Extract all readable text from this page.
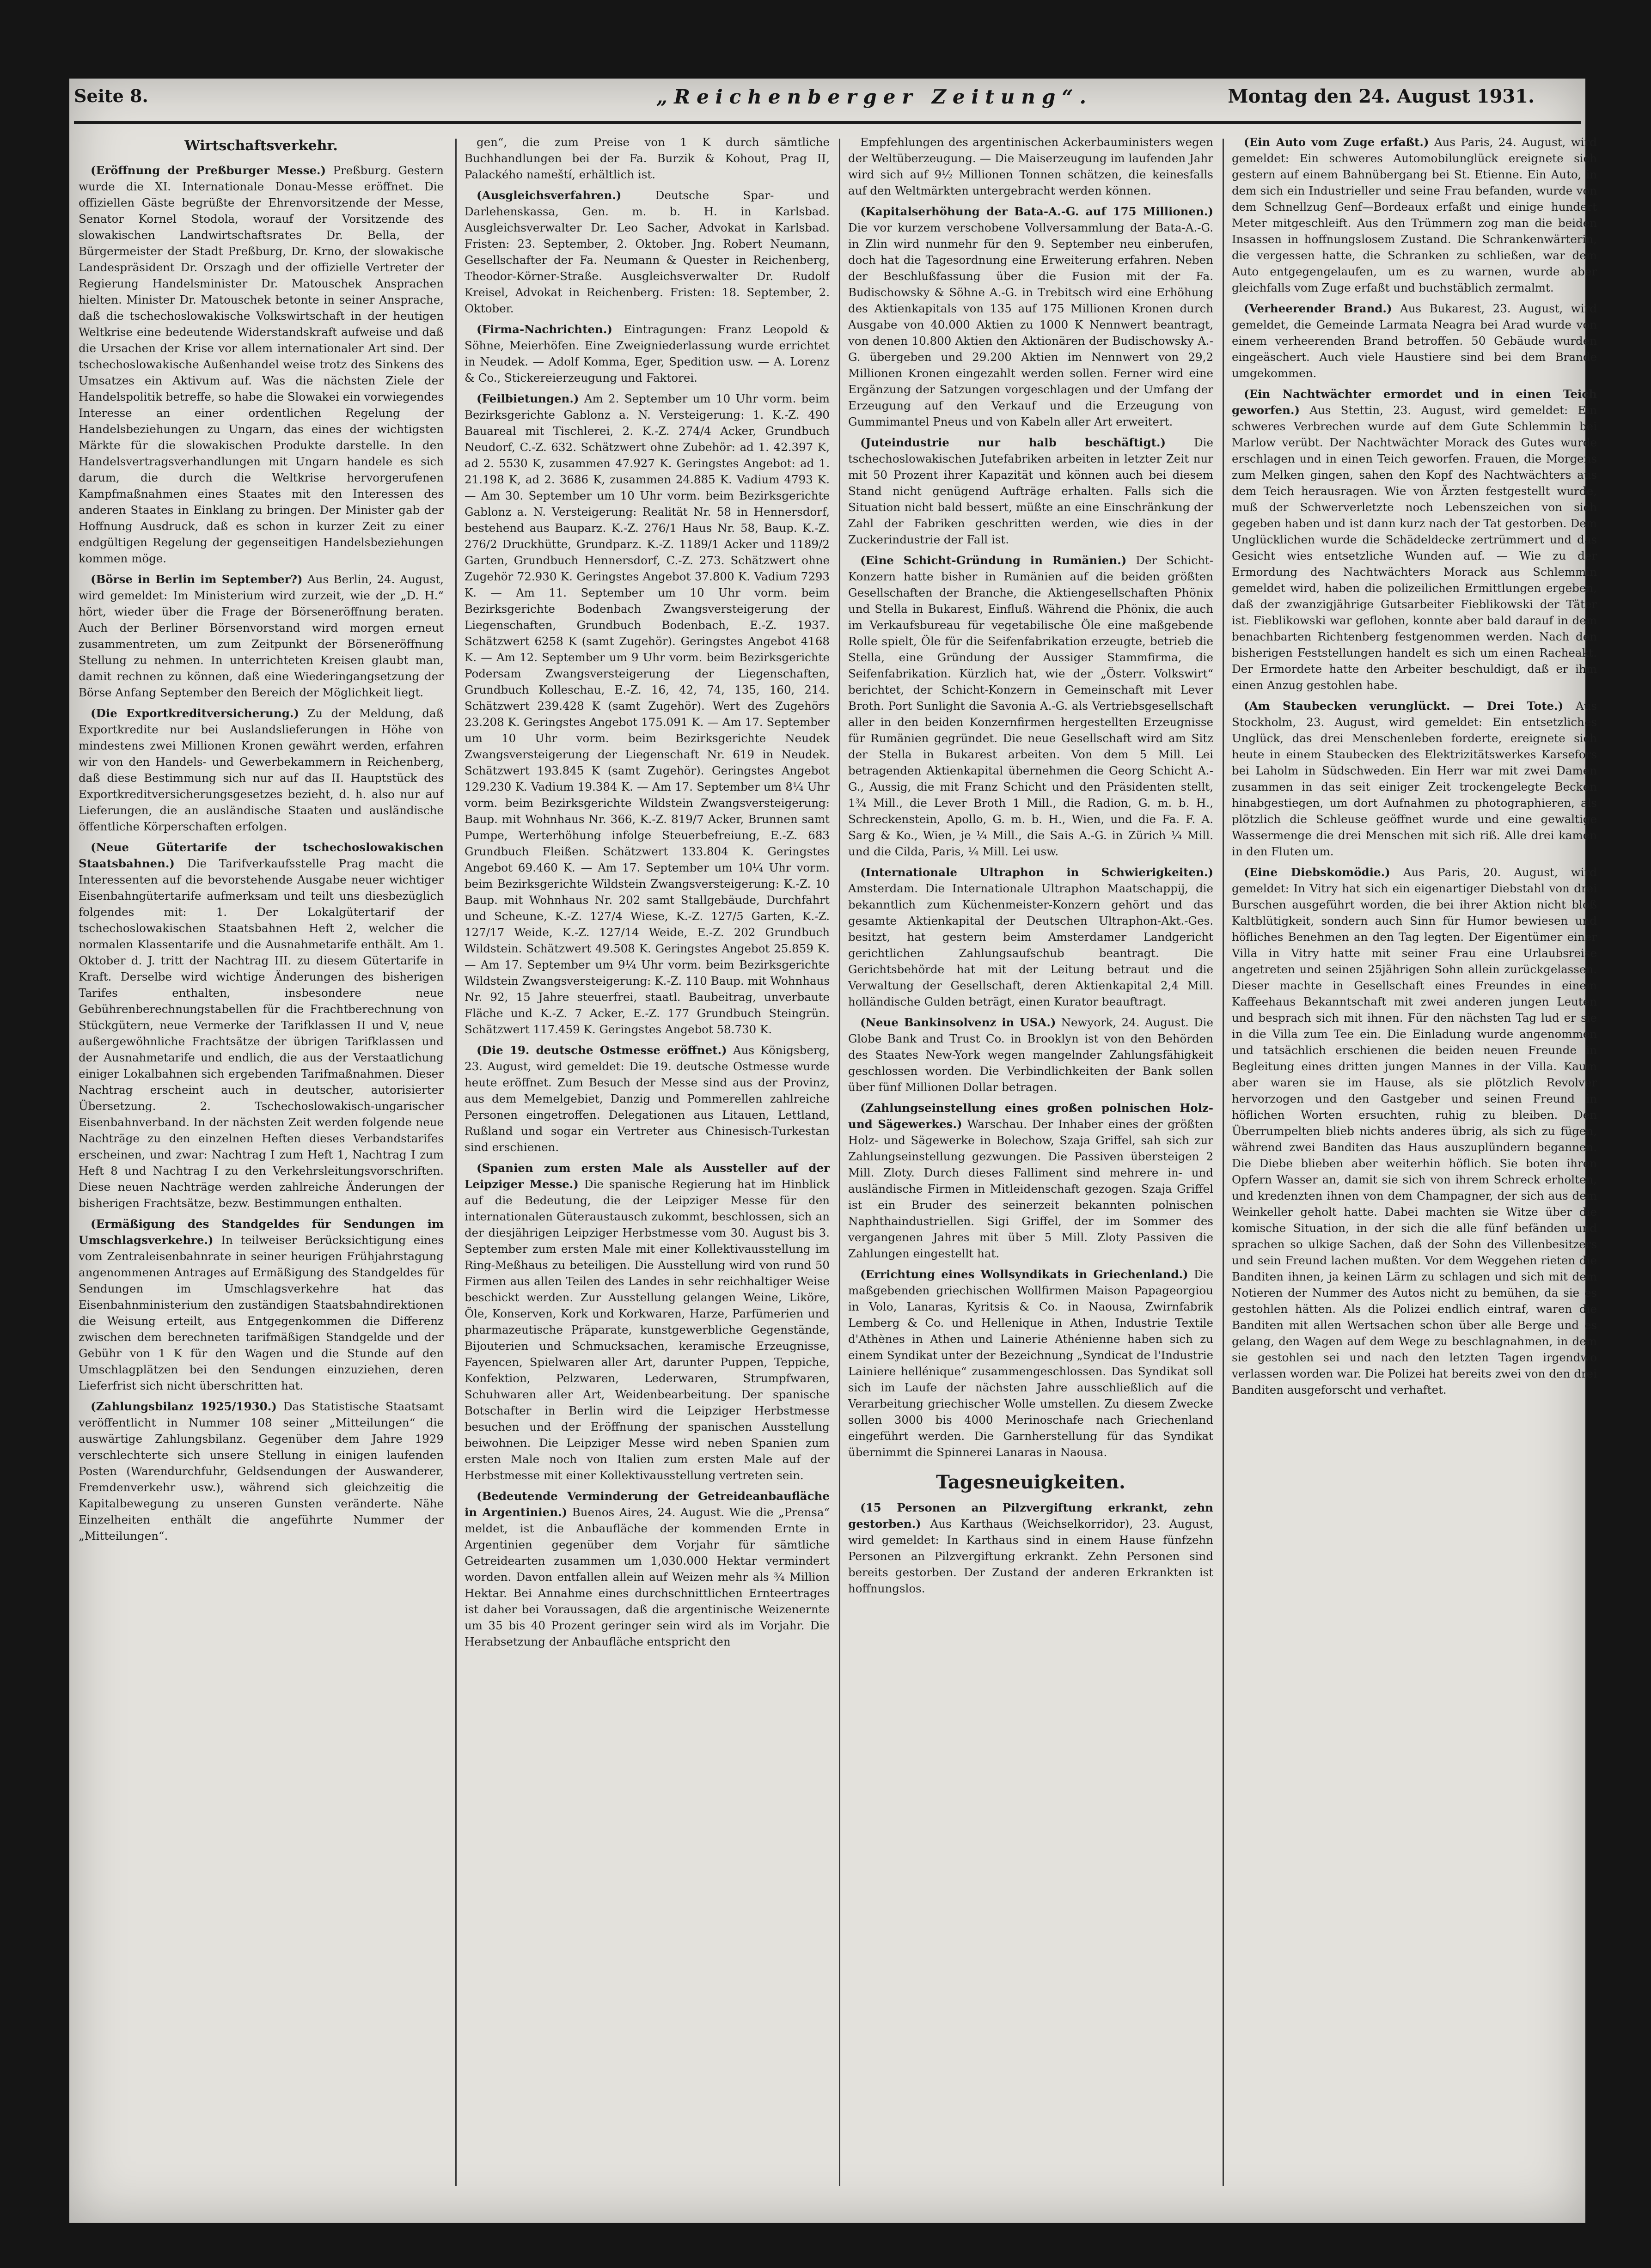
Seite 8.	„Reichenberger Zeitung“.	Montag den 24. August 1931.

Wirtschaftsverkehr.

(Eröffnung der Preßburger Messe.) Preßburg. Gestern wurde die XI. Internationale Donau-Messe eröffnet. Die offiziellen Gäste begrüßte der Ehrenvorsitzende der Messe, Senator Kornel Stodola, worauf der Vorsitzende des slowakischen Landwirtschaftsrates Dr. Bella, der Bürgermeister der Stadt Preßburg, Dr. Krno, der slowakische Landespräsident Dr. Orszagh und der offizielle Vertreter der Regierung Handelsminister Dr. Matouschek Ansprachen hielten. Minister Dr. Matouschek betonte in seiner Ansprache, daß die tschechoslowakische Volkswirtschaft in der heutigen Weltkrise eine bedeutende Widerstandskraft aufweise und daß die Ursachen der Krise vor allem internationaler Art sind. Der tschechoslowakische Außenhandel weise trotz des Sinkens des Umsatzes ein Aktivum auf. Was die nächsten Ziele der Handelspolitik betreffe, so habe die Slowakei ein vorwiegendes Interesse an einer ordentlichen Regelung der Handelsbeziehungen zu Ungarn, das eines der wichtigsten Märkte für die slowakischen Produkte darstelle. In den Handelsvertragsverhandlungen mit Ungarn handele es sich darum, die durch die Weltkrise hervorgerufenen Kampfmaßnahmen eines Staates mit den Interessen des anderen Staates in Einklang zu bringen. Der Minister gab der Hoffnung Ausdruck, daß es schon in kurzer Zeit zu einer endgültigen Regelung der gegenseitigen Handelsbeziehungen kommen möge.

(Börse in Berlin im September?) Aus Berlin, 24. August, wird gemeldet: Im Ministerium wird zurzeit, wie der „D. H.“ hört, wieder über die Frage der Börseneröffnung beraten. Auch der Berliner Börsenvorstand wird morgen erneut zusammentreten, um zum Zeitpunkt der Börseneröffnung Stellung zu nehmen. In unterrichteten Kreisen glaubt man, damit rechnen zu können, daß eine Wiederingangsetzung der Börse Anfang September den Bereich der Möglichkeit liegt.

(Die Exportkreditversicherung.) Zu der Meldung, daß Exportkredite nur bei Auslandslieferungen in Höhe von mindestens zwei Millionen Kronen gewährt werden, erfahren wir von den Handels- und Gewerbekammern in Reichenberg, daß diese Bestimmung sich nur auf das II. Hauptstück des Exportkreditversicherungsgesetzes bezieht, d. h. also nur auf Lieferungen, die an ausländische Staaten und ausländische öffentliche Körperschaften erfolgen.

(Neue Gütertarife der tschechoslowakischen Staatsbahnen.) Die Tarifverkaufsstelle Prag macht die Interessenten auf die bevorstehende Ausgabe neuer wichtiger Eisenbahngütertarife aufmerksam und teilt uns diesbezüglich folgendes mit: 1. Der Lokalgütertarif der tschechoslowakischen Staatsbahnen Heft 2, welcher die normalen Klassentarife und die Ausnahmetarife enthält. Am 1. Oktober d. J. tritt der Nachtrag III. zu diesem Gütertarife in Kraft. Derselbe wird wichtige Änderungen des bisherigen Tarifes enthalten, insbesondere neue Gebührenberechnungstabellen für die Frachtberechnung von Stückgütern, neue Vermerke der Tarifklassen II und V, neue außergewöhnliche Frachtsätze der übrigen Tarifklassen und der Ausnahmetarife und endlich, die aus der Verstaatlichung einiger Lokalbahnen sich ergebenden Tarifmaßnahmen. Dieser Nachtrag erscheint auch in deutscher, autorisierter Übersetzung. 2. Tschechoslowakisch-ungarischer Eisenbahnverband. In der nächsten Zeit werden folgende neue Nachträge zu den einzelnen Heften dieses Verbandstarifes erscheinen, und zwar: Nachtrag I zum Heft 1, Nachtrag I zum Heft 8 und Nachtrag I zu den Verkehrsleitungsvorschriften. Diese neuen Nachträge werden zahlreiche Änderungen der bisherigen Frachtsätze, bezw. Bestimmungen enthalten.

(Ermäßigung des Standgeldes für Sendungen im Umschlagsverkehre.) In teilweiser Berücksichtigung eines vom Zentraleisenbahnrate in seiner heurigen Frühjahrstagung angenommenen Antrages auf Ermäßigung des Standgeldes für Sendungen im Umschlagsverkehre hat das Eisenbahnministerium den zuständigen Staatsbahndirektionen die Weisung erteilt, aus Entgegenkommen die Differenz zwischen dem berechneten tarifmäßigen Standgelde und der Gebühr von 1 K für den Wagen und die Stunde auf den Umschlagplätzen bei den Sendungen einzuziehen, deren Lieferfrist sich nicht überschritten hat.

(Zahlungsbilanz 1925/1930.) Das Statistische Staatsamt veröffentlicht in Nummer 108 seiner „Mitteilungen“ die auswärtige Zahlungsbilanz. Gegenüber dem Jahre 1929 verschlechterte sich unsere Stellung in einigen laufenden Posten (Warendurchfuhr, Geldsendungen der Auswanderer, Fremdenverkehr usw.), während sich gleichzeitig die Kapitalbewegung zu unseren Gunsten veränderte. Nähe Einzelheiten enthält die angeführte Nummer der „Mitteilungen“.

gen“, die zum Preise von 1 K durch sämtliche Buchhandlungen bei der Fa. Burzik & Kohout, Prag II, Palackého nameští, erhältlich ist.

(Ausgleichsverfahren.)	Deutsche Spar- und Darlehenskassa, Gen. m. b. H. in Karlsbad. Ausgleichsverwalter Dr. Leo Sacher, Advokat in Karlsbad. Fristen: 23. September, 2. Oktober. Jng. Robert Neumann, Gesellschafter der Fa. Neumann & Quester in Reichenberg, Theodor-Körner-Straße. Ausgleichsverwalter Dr. Rudolf Kreisel, Advokat in Reichenberg. Fristen: 18. September, 2. Oktober.

(Firma-Nachrichten.) Eintragungen: Franz Leopold & Söhne, Meierhöfen. Eine Zweigniederlassung wurde errichtet in Neudek. — Adolf Komma, Eger, Spedition usw. — A. Lorenz & Co., Stickereierzeugung und Faktorei.

(Feilbietungen.) Am 2. September um 10 Uhr vorm. beim Bezirksgerichte Gablonz a. N. Versteigerung: 1. K.-Z. 490 Bauareal mit Tischlerei, 2. K.-Z. 274/4 Acker, Grundbuch Neudorf, C.-Z. 632. Schätzwert ohne Zubehör: ad 1. 42.397 K, ad 2. 5530 K, zusammen 47.927 K. Geringstes Angebot: ad 1. 21.198 K, ad 2. 3686 K, zusammen 24.885 K. Vadium 4793 K. — Am 30. September um 10 Uhr vorm. beim Bezirksgerichte Gablonz a. N. Versteigerung: Realität Nr. 58 in Hennersdorf, bestehend aus Bauparz. K.-Z. 276/1 Haus Nr. 58, Baup. K.-Z. 276/2 Druckhütte, Grundparz. K.-Z. 1189/1 Acker und 1189/2 Garten, Grundbuch Hennersdorf, C.-Z. 273. Schätzwert ohne Zugehör 72.930 K. Geringstes Angebot 37.800 K. Vadium 7293 K. — Am 11. September um 10 Uhr vorm. beim Bezirksgerichte Bodenbach Zwangsversteigerung der Liegenschaften, Grundbuch Bodenbach, E.-Z. 1937. Schätzwert 6258 K (samt Zugehör). Geringstes Angebot 4168 K. — Am 12. September um 9 Uhr vorm. beim Bezirksgerichte Podersam Zwangsversteigerung der Liegenschaften, Grundbuch Kolleschau, E.-Z. 16, 42, 74, 135, 160, 214. Schätzwert 239.428 K (samt Zugehör). Wert des Zugehörs 23.208 K. Geringstes Angebot 175.091 K. — Am 17. September um 10 Uhr vorm. beim Bezirksgerichte Neudek Zwangsversteigerung der Liegenschaft Nr. 619 in Neudek. Schätzwert 193.845 K (samt Zugehör). Geringstes Angebot 129.230 K. Vadium 19.384 K. — Am 17. September um 8¼ Uhr vorm. beim Bezirksgerichte Wildstein Zwangsversteigerung: Baup. mit Wohnhaus Nr. 366, K.-Z. 819/7 Acker, Brunnen samt Pumpe, Werterhöhung infolge Steuerbefreiung, E.-Z. 683 Grundbuch Fleißen. Schätzwert 133.804 K. Geringstes Angebot 69.460 K. — Am 17. September um 10¼ Uhr vorm. beim Bezirksgerichte Wildstein Zwangsversteigerung: K.-Z. 10 Baup. mit Wohnhaus Nr. 202 samt Stallgebäude, Durchfahrt und Scheune, K.-Z. 127/4 Wiese, K.-Z. 127/5 Garten, K.-Z. 127/17 Weide, K.-Z. 127/14 Weide, E.-Z. 202 Grundbuch Wildstein. Schätzwert 49.508 K. Geringstes Angebot 25.859 K. — Am 17. September um 9¼ Uhr vorm. beim Bezirksgerichte Wildstein Zwangsversteigerung: K.-Z. 110 Baup. mit Wohnhaus Nr. 92, 15 Jahre steuerfrei, staatl. Baubeitrag, unverbaute Fläche und K.-Z. 7 Acker, E.-Z. 177 Grundbuch Steingrün. Schätzwert 117.459 K. Geringstes Angebot 58.730 K.

(Die 19. deutsche Ostmesse eröffnet.) Aus Königsberg, 23. August, wird gemeldet: Die 19. deutsche Ostmesse wurde heute eröffnet. Zum Besuch der Messe sind aus der Provinz, aus dem Memelgebiet, Danzig und Pommerellen zahlreiche Personen eingetroffen. Delegationen aus Litauen, Lettland, Rußland und sogar ein Vertreter aus Chinesisch-Turkestan sind erschienen.

(Spanien zum ersten Male als Aussteller auf der Leipziger Messe.) Die spanische Regierung hat im Hinblick auf die Bedeutung, die der Leipziger Messe für den internationalen Güteraustausch zukommt, beschlossen, sich an der diesjährigen Leipziger Herbstmesse vom 30. August bis 3. September zum ersten Male mit einer Kollektivausstellung im Ring-Meßhaus zu beteiligen. Die Ausstellung wird von rund 50 Firmen aus allen Teilen des Landes in sehr reichhaltiger Weise beschickt werden. Zur Ausstellung gelangen Weine, Liköre, Öle, Konserven, Kork und Korkwaren, Harze, Parfümerien und pharmazeutische Präparate, kunstgewerbliche Gegenstände, Bijouterien und Schmucksachen, keramische Erzeugnisse, Fayencen, Spielwaren aller Art, darunter Puppen, Teppiche, Konfektion, Pelzwaren, Lederwaren, Strumpfwaren, Schuhwaren aller Art, Weidenbearbeitung. Der spanische Botschafter in Berlin wird die Leipziger Herbstmesse besuchen und der Eröffnung der spanischen Ausstellung beiwohnen. Die Leipziger Messe wird neben Spanien zum ersten Male noch von Italien zum ersten Male auf der Herbstmesse mit einer Kollektivausstellung vertreten sein.

(Bedeutende Verminderung der Getreideanbaufläche in Argentinien.) Buenos Aires, 24. August. Wie die „Prensa“ meldet, ist die Anbaufläche der kommenden Ernte in Argentinien gegenüber dem Vorjahr für sämtliche Getreidearten zusammen um 1,030.000 Hektar vermindert worden. Davon entfallen allein auf Weizen mehr als ¾ Million Hektar. Bei Annahme eines durchschnittlichen Ernteertrages ist daher bei Voraussagen, daß die argentinische Weizenernte um 35 bis 40 Prozent geringer sein wird als im Vorjahr. Die Herabsetzung der Anbaufläche entspricht den

Empfehlungen des argentinischen Ackerbauministers wegen der Weltüberzeugung. — Die Maiserzeugung im laufenden Jahr wird sich auf 9½ Millionen Tonnen schätzen, die keinesfalls auf den Weltmärkten untergebracht werden können.

(Kapitalserhöhung der Bata-A.-G. auf 175 Millionen.) Die vor kurzem verschobene Vollversammlung der Bata-A.-G. in Zlin wird nunmehr für den 9. September neu einberufen, doch hat die Tagesordnung eine Erweiterung erfahren. Neben der Beschlußfassung über die Fusion mit der Fa. Budischowsky & Söhne A.-G. in Trebitsch wird eine Erhöhung des Aktienkapitals von 135 auf 175 Millionen Kronen durch Ausgabe von 40.000 Aktien zu 1000 K Nennwert beantragt, von denen 10.800 Aktien den Aktionären der Budischowsky A.-G. übergeben und 29.200 Aktien im Nennwert von 29,2 Millionen Kronen eingezahlt werden sollen. Ferner wird eine Ergänzung der Satzungen vorgeschlagen und der Umfang der Erzeugung auf den Verkauf und die Erzeugung von Gummimantel Pneus und von Kabeln aller Art erweitert.

(Juteindustrie nur halb beschäftigt.) Die tschechoslowakischen Jutefabriken arbeiten in letzter Zeit nur mit 50 Prozent ihrer Kapazität und können auch bei diesem Stand nicht genügend Aufträge erhalten. Falls sich die Situation nicht bald bessert, müßte an eine Einschränkung der Zahl der Fabriken geschritten werden, wie dies in der Zuckerindustrie der Fall ist.

(Eine Schicht-Gründung in Rumänien.) Der Schicht-Konzern hatte bisher in Rumänien auf die beiden größten Gesellschaften der Branche, die Aktiengesellschaften Phönix und Stella in Bukarest, Einfluß. Während die Phönix, die auch im Verkaufsbureau für vegetabilische Öle eine maßgebende Rolle spielt, Öle für die Seifenfabrikation erzeugte, betrieb die Stella, eine Gründung der Aussiger Stammfirma, die Seifenfabrikation. Kürzlich hat, wie der „Österr. Volkswirt“ berichtet, der Schicht-Konzern in Gemeinschaft mit Lever Broth. Port Sunlight die Savonia A.-G. als Vertriebsgesellschaft aller in den beiden Konzernfirmen hergestellten Erzeugnisse für Rumänien gegründet. Die neue Gesellschaft wird am Sitz der Stella in Bukarest arbeiten. Von dem 5 Mill. Lei betragenden Aktienkapital übernehmen die Georg Schicht A.-G., Aussig, die mit Franz Schicht und den Präsidenten stellt, 1¾ Mill., die Lever Broth 1 Mill., die Radion, G. m. b. H., Schreckenstein, Apollo, G. m. b. H., Wien, und die Fa. F. A. Sarg & Ko., Wien, je ¼ Mill., die Sais A.-G. in Zürich ¼ Mill. und die Cilda, Paris, ¼ Mill. Lei usw.

(Internationale Ultraphon in Schwierigkeiten.) Amsterdam. Die Internationale Ultraphon Maatschappij, die bekanntlich zum Küchenmeister-Konzern gehört und das gesamte Aktienkapital der Deutschen Ultraphon-Akt.-Ges. besitzt, hat gestern beim Amsterdamer Landgericht gerichtlichen Zahlungsaufschub beantragt. Die Gerichtsbehörde hat mit der Leitung betraut und die Verwaltung der Gesellschaft, deren Aktienkapital 2,4 Mill. holländische Gulden beträgt, einen Kurator beauftragt.

(Neue Bankinsolvenz in USA.) Newyork, 24. August. Die Globe Bank and Trust Co. in Brooklyn ist von den Behörden des Staates New-York wegen mangelnder Zahlungsfähigkeit geschlossen worden. Die Verbindlichkeiten der Bank sollen über fünf Millionen Dollar betragen.

(Zahlungseinstellung eines großen polnischen Holz- und Sägewerkes.) Warschau. Der Inhaber eines der größten Holz- und Sägewerke in Bolechow, Szaja Griffel, sah sich zur Zahlungseinstellung gezwungen. Die Passiven übersteigen 2 Mill. Zloty. Durch dieses Falliment sind mehrere in- und ausländische Firmen in Mitleidenschaft gezogen. Szaja Griffel ist ein Bruder des seinerzeit bekannten polnischen Naphthaindustriellen. Sigi Griffel, der im Sommer des vergangenen Jahres mit über 5 Mill. Zloty Passiven die Zahlungen eingestellt hat.

(Errichtung eines Wollsyndikats in Griechenland.) Die maßgebenden griechischen Wollfirmen Maison Papageorgiou in Volo, Lanaras, Kyritsis & Co. in Naousa, Zwirnfabrik Lemberg & Co. und Hellenique in Athen, Industrie Textile d'Athènes in Athen und Lainerie Athénienne haben sich zu einem Syndikat unter der Bezeichnung „Syndicat de l'Industrie Lainiere hellénique“ zusammengeschlossen. Das Syndikat soll sich im Laufe der nächsten Jahre ausschließlich auf die Verarbeitung griechischer Wolle umstellen. Zu diesem Zwecke sollen 3000 bis 4000 Merinoschafe nach Griechenland eingeführt werden. Die Garnherstellung für das Syndikat übernimmt die Spinnerei Lanaras in Naousa.

Tagesneuigkeiten.

(15 Personen an Pilzvergiftung erkrankt, zehn gestorben.) Aus Karthaus (Weichselkorridor), 23. August, wird gemeldet: In Karthaus sind in einem Hause fünfzehn Personen an Pilzvergiftung erkrankt. Zehn Personen sind bereits gestorben. Der Zustand der anderen Erkrankten ist hoffnungslos.

(Ein Auto vom Zuge erfaßt.) Aus Paris, 24. August, wird gemeldet: Ein schweres Automobilunglück ereignete sich gestern auf einem Bahnübergang bei St. Etienne. Ein Auto, in dem sich ein Industrieller und seine Frau befanden, wurde von dem Schnellzug Genf—Bordeaux erfaßt und einige hundert Meter mitgeschleift. Aus den Trümmern zog man die beiden Insassen in hoffnungslosem Zustand. Die Schrankenwärterin, die vergessen hatte, die Schranken zu schließen, war dem Auto entgegengelaufen, um es zu warnen, wurde aber gleichfalls vom Zuge erfaßt und buchstäblich zermalmt.

(Verheerender Brand.) Aus Bukarest, 23. August, wird gemeldet, die Gemeinde Larmata Neagra bei Arad wurde von einem verheerenden Brand betroffen. 50 Gebäude wurden eingeäschert. Auch viele Haustiere sind bei dem Brande umgekommen.

(Ein Nachtwächter ermordet und in einen Teich geworfen.) Aus Stettin, 23. August, wird gemeldet: Ein schweres Verbrechen wurde auf dem Gute Schlemmin bei Marlow verübt. Der Nachtwächter Morack des Gutes wurde erschlagen und in einen Teich geworfen. Frauen, die Morgens zum Melken gingen, sahen den Kopf des Nachtwächters aus dem Teich herausragen. Wie von Ärzten festgestellt wurde, muß der Schwerverletzte noch Lebenszeichen von sich gegeben haben und ist dann kurz nach der Tat gestorben. Dem Unglücklichen wurde die Schädeldecke zertrümmert und das Gesicht wies entsetzliche Wunden auf. — Wie zu der Ermordung des Nachtwächters Morack aus Schlemmin gemeldet wird, haben die polizeilichen Ermittlungen ergeben, daß der zwanzigjährige Gutsarbeiter Fieblikowski der Täter ist. Fieblikowski war geflohen, konnte aber bald darauf in dem benachbarten Richtenberg festgenommen werden. Nach den bisherigen Feststellungen handelt es sich um einen Racheakt. Der Ermordete hatte den Arbeiter beschuldigt, daß er ihm einen Anzug gestohlen habe.

(Am Staubecken verunglückt. — Drei Tote.) Aus Stockholm, 23. August, wird gemeldet: Ein entsetzliches Unglück, das drei Menschenleben forderte, ereignete sich heute in einem Staubecken des Elektrizitätswerkes Karsefors bei Laholm in Südschweden. Ein Herr war mit zwei Damen zusammen in das seit einiger Zeit trockengelegte Becken hinabgestiegen, um dort Aufnahmen zu photographieren, als plötzlich die Schleuse geöffnet wurde und eine gewaltige Wassermenge die drei Menschen mit sich riß. Alle drei kamen in den Fluten um.

(Eine Diebskomödie.) Aus Paris, 20. August, wird gemeldet: In Vitry hat sich ein eigenartiger Diebstahl von drei Burschen ausgeführt worden, die bei ihrer Aktion nicht bloß Kaltblütigkeit, sondern auch Sinn für Humor bewiesen und höfliches Benehmen an den Tag legten. Der Eigentümer einer Villa in Vitry hatte mit seiner Frau eine Urlaubsreise angetreten und seinen 25jährigen Sohn allein zurückgelassen. Dieser machte in Gesellschaft eines Freundes in einem Kaffeehaus Bekanntschaft mit zwei anderen jungen Leuten und besprach sich mit ihnen. Für den nächsten Tag lud er sie in die Villa zum Tee ein. Die Einladung wurde angenommen und tatsächlich erschienen die beiden neuen Freunde in Begleitung eines dritten jungen Mannes in der Villa. Kaum aber waren sie im Hause, als sie plötzlich Revolver hervorzogen und den Gastgeber und seinen Freund in höflichen Worten ersuchten, ruhig zu bleiben. Den Überrumpelten blieb nichts anderes übrig, als sich zu fügen, während zwei Banditen das Haus auszuplündern begannen. Die Diebe blieben aber weiterhin höflich. Sie boten ihren Opfern Wasser an, damit sie sich von ihrem Schreck erholten, und kredenzten ihnen von dem Champagner, der sich aus dem Weinkeller geholt hatte. Dabei machten sie Witze über die komische Situation, in der sich die alle fünf befänden und sprachen so ulkige Sachen, daß der Sohn des Villenbesitzers und sein Freund lachen mußten. Vor dem Weggehen rieten die Banditen ihnen, ja keinen Lärm zu schlagen und sich mit dem Notieren der Nummer des Autos nicht zu bemühen, da sie es gestohlen hätten. Als die Polizei endlich eintraf, waren die Banditen mit allen Wertsachen schon über alle Berge und es gelang, den Wagen auf dem Wege zu beschlagnahmen, in dem sie gestohlen sei und nach den letzten Tagen irgendwo verlassen worden war. Die Polizei hat bereits zwei von den drei Banditen ausgeforscht und verhaftet.
